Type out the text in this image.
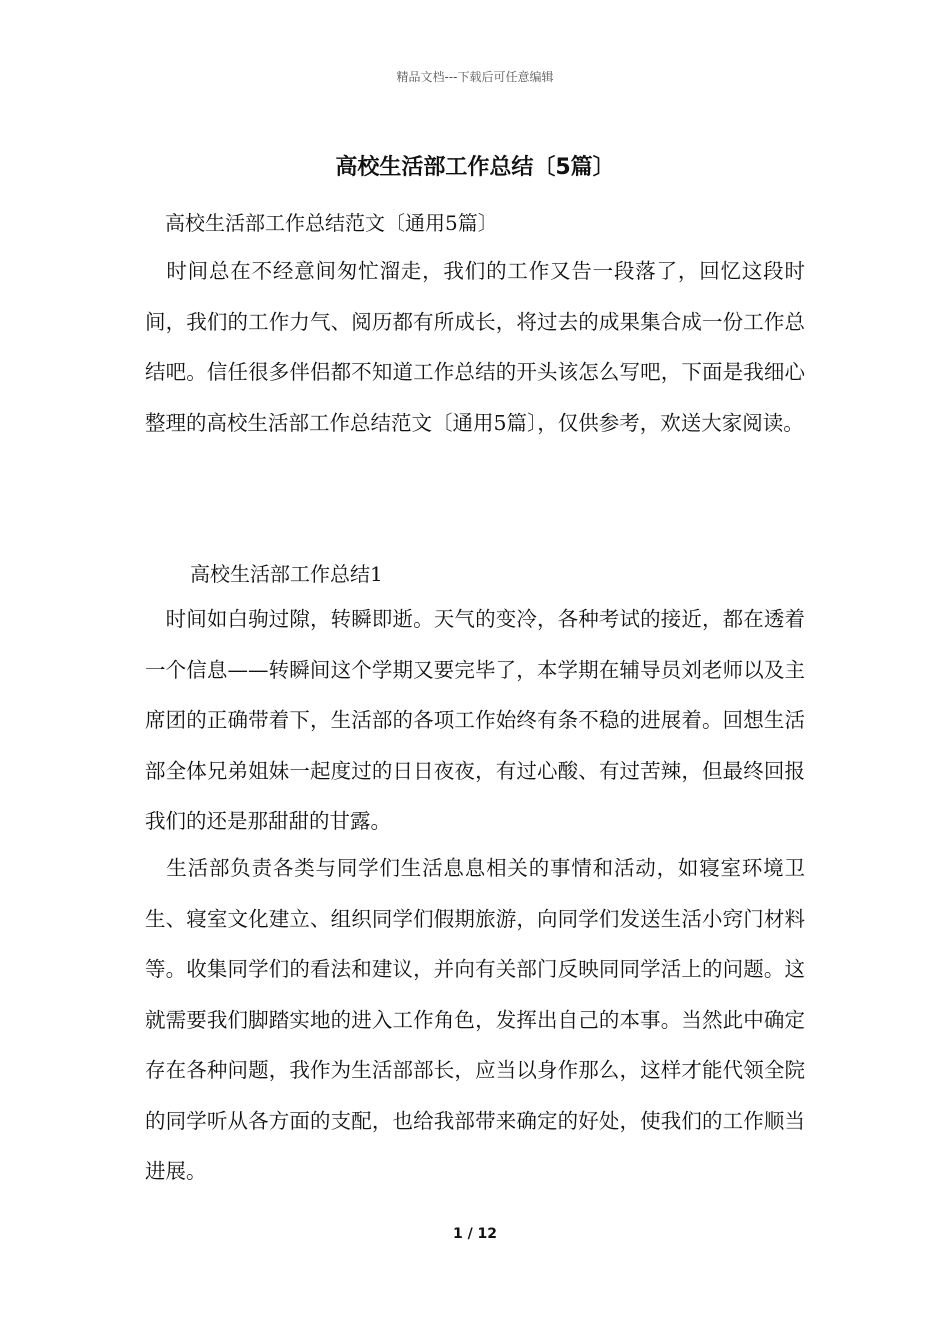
精品文档---下载后可任意编辑
高校生活部工作总结〔5篇〕
高校生活部工作总结范文〔通用5篇〕

　时间总在不经意间匆忙溜走，我们的工作又告一段落了，回忆这段时间，我们的工作力气、阅历都有所成长，将过去的成果集合成一份工作总结吧。信任很多伴侣都不知道工作总结的开头该怎么写吧，下面是我细心整理的高校生活部工作总结范文〔通用5篇〕，仅供参考，欢送大家阅读。

高校生活部工作总结1

　时间如白驹过隙，转瞬即逝。天气的变冷，各种考试的接近，都在透着一个信息——转瞬间这个学期又要完毕了，本学期在辅导员刘老师以及主席团的正确带着下，生活部的各项工作始终有条不稳的进展着。回想生活部全体兄弟姐妹一起度过的日日夜夜，有过心酸、有过苦辣，但最终回报我们的还是那甜甜的甘露。

　生活部负责各类与同学们生活息息相关的事情和活动，如寝室环境卫生、寝室文化建立、组织同学们假期旅游，向同学们发送生活小窍门材料等。收集同学们的看法和建议，并向有关部门反映同同学活上的问题。这就需要我们脚踏实地的进入工作角色，发挥出自己的本事。当然此中确定存在各种问题，我作为生活部部长，应当以身作那么，这样才能代领全院的同学听从各方面的支配，也给我部带来确定的好处，使我们的工作顺当进展。

1 / 12
